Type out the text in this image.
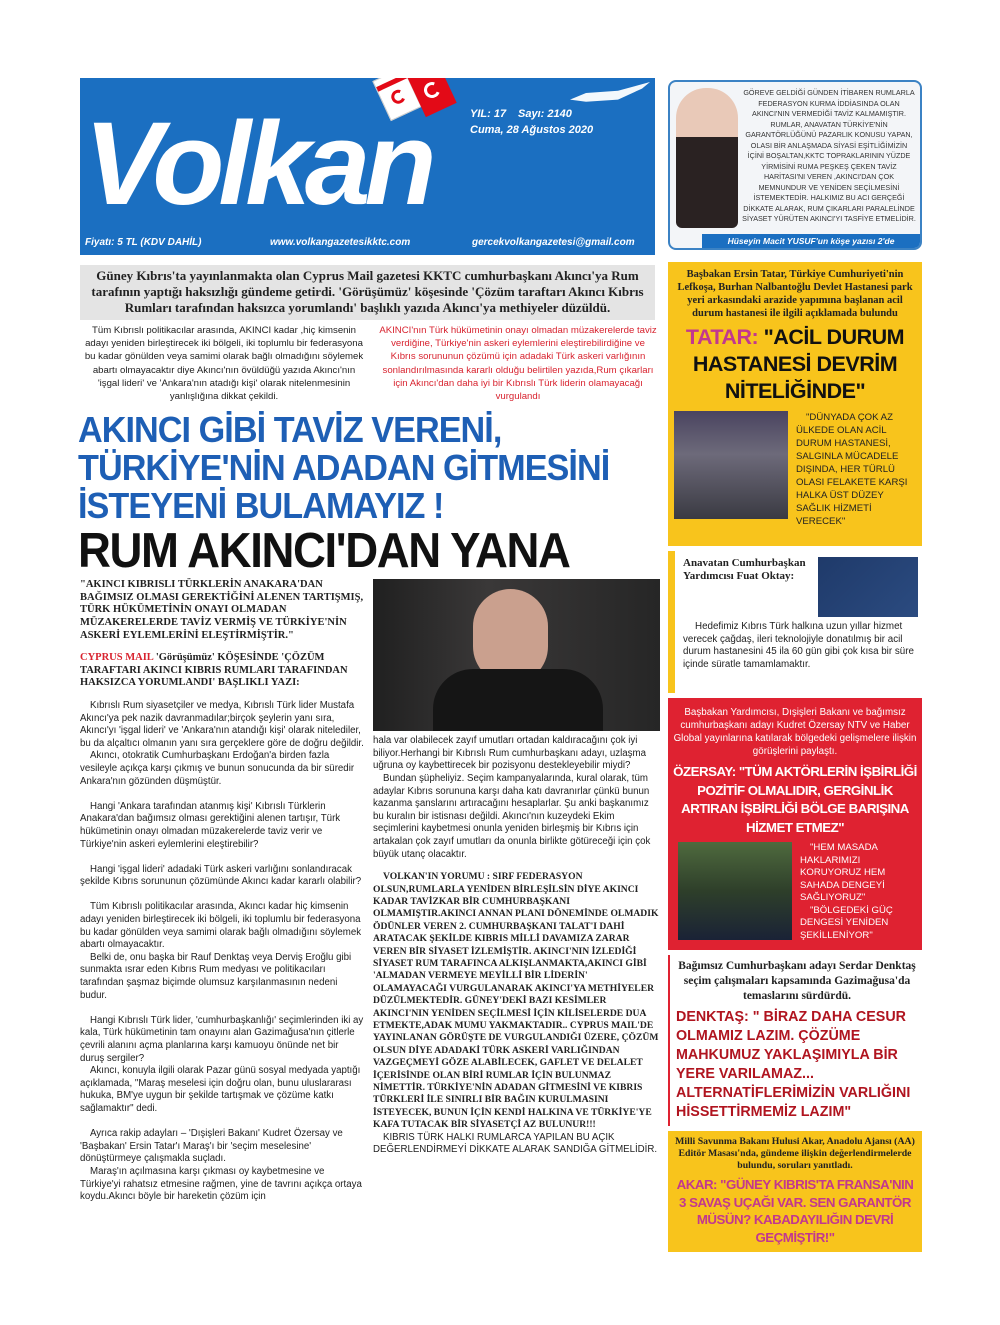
YIL: 17 Sayı: 2140
Cuma, 28 Ağustos 2020
Volkan
Fiyatı: 5 TL (KDV DAHİL)	www.volkangazetesikktc.com	gercekvolkangazetesi@gmail.com
GÖREVE GELDİĞİ GÜNDEN İTİBAREN RUMLARLA FEDERASYON KURMA İDDİASINDA OLAN AKINCI'NIN VERMEDİĞİ TAVİZ KALMAMIŞTIR. RUMLAR, ANAVATAN TÜRKİYE'NİN GARANTÖRLÜĞÜNÜ PAZARLIK KONUSU YAPAN, OLASI BİR ANLAŞMADA SİYASİ EŞİTLİĞİMİZİN İÇİNİ BOŞALTAN,KKTC TOPRAKLARININ YÜZDE YİRMİSİNİ RUMA PEŞKEŞ ÇEKEN TAVİZ HARİTASI'NI VEREN ,AKINCI'DAN ÇOK MEMNUNDUR VE YENİDEN SEÇİLMESİNİ İSTEMEKTEDİR. HALKIMIZ BU ACI GERÇEĞİ DİKKATE ALARAK, RUM ÇIKARLARI PARALELİNDE SİYASET YÜRÜTEN AKINCI'YI TASFİYE ETMELİDİR.
Hüseyin Macit YUSUF'un köşe yazısı 2'de
Güney Kıbrıs'ta yayınlanmakta olan Cyprus Mail gazetesi KKTC cumhurbaşkanı Akıncı'ya Rum tarafının yaptığı haksızlığı gündeme getirdi. 'Görüşümüz' köşesinde 'Çözüm taraftarı Akıncı Kıbrıs Rumları tarafından haksızca yorumlandı' başlıklı yazıda Akıncı'ya methiyeler düzüldü.
Tüm Kıbrıslı politikacılar arasında, AKINCI kadar ,hiç kimsenin adayı yeniden birleştirecek iki bölgeli, iki toplumlu bir federasyona bu kadar gönülden veya samimi olarak bağlı olmadığını söylemek abartı olmayacaktır diye Akıncı'nın övüldüğü yazıda Akıncı'nın 'işgal lideri' ve 'Ankara'nın atadığı kişi' olarak nitelenmesinin yanlışlığına dikkat çekildi.
AKINCI'nın Türk hükümetinin onayı olmadan müzakerelerde taviz verdiğine, Türkiye'nin askeri eylemlerini eleştirebilirdiğine ve Kıbrıs sorununun çözümü için adadaki Türk askeri varlığının sonlandırılmasında kararlı olduğu belirtilen yazıda,Rum çıkarları için Akıncı'dan daha iyi bir Kıbrıslı Türk liderin olamayacağı vurgulandı
AKINCI GİBİ TAVİZ VERENİ,
TÜRKİYE'NİN ADADAN GİTMESİNİ
İSTEYENİ BULAMAYIZ !
RUM AKINCI'DAN YANA
"AKINCI KIBRISLI TÜRKLERİN ANAKARA'DAN BAĞIMSIZ OLMASI GEREKTİĞİNİ ALENEN TARTIŞMIŞ, TÜRK HÜKÜMETİNİN ONAYI OLMADAN MÜZAKERELERDE TAVİZ VERMİŞ VE TÜRKİYE'NİN ASKERİ EYLEMLERİNİ ELEŞTİRMİŞTİR."
CYPRUS MAIL 'Görüşümüz' KÖŞESİNDE 'ÇÖZÜM TARAFTARI AKINCI KIBRIS RUMLARI TARAFINDAN HAKSIZCA YORUMLANDI' BAŞLIKLI YAZI:

Kıbrıslı Rum siyasetçiler ve medya, Kıbrıslı Türk lider Mustafa Akıncı'ya pek nazik davranmadılar;birçok şeylerin yanı sıra, Akıncı'yı 'işgal lideri' ve 'Ankara'nın atandığı kişi' olarak nitelediler, bu da alçaltıcı olmanın yanı sıra gerçeklere göre de doğru değildir.

Akıncı, otokratik Cumhurbaşkanı Erdoğan'a birden fazla vesileyle açıkça karşı çıkmış ve bunun sonucunda da bir süredir Ankara'nın gözünden düşmüştür.

Hangi 'Ankara tarafından atanmış kişi' Kıbrıslı Türklerin Anakara'dan bağımsız olması gerektiğini alenen tartışır, Türk hükümetinin onayı olmadan müzakerelerde taviz verir ve Türkiye'nin askeri eylemlerini eleştirebilir?

Hangi 'işgal lideri' adadaki Türk askeri varlığını sonlandıracak şekilde Kıbrıs sorununun çözümünde Akıncı kadar kararlı olabilir?

Tüm Kıbrıslı politikacılar arasında, Akıncı kadar hiç kimsenin adayı yeniden birleştirecek iki bölgeli, iki toplumlu bir federasyona bu kadar gönülden veya samimi olarak bağlı olmadığını söylemek abartı olmayacaktır.

Belki de, onu başka bir Rauf Denktaş veya Derviş Eroğlu gibi sunmakta ısrar eden Kıbrıs Rum medyası ve politikacıları tarafından şaşmaz biçimde olumsuz karşılanmasının nedeni budur.

Hangi Kıbrıslı Türk lider, 'cumhurbaşkanlığı' seçimlerinden iki ay kala, Türk hükümetinin tam onayını alan Gazimağusa'nın çitlerle çevrili alanını açma planlarına karşı kamuoyu önünde net bir duruş sergiler?

Akıncı, konuyla ilgili olarak Pazar günü sosyal medyada yaptığı açıklamada, "Maraş meselesi için doğru olan, bunu uluslararası hukuka, BM'ye uygun bir şekilde tartışmak ve çözüme katkı sağlamaktır" dedi.

Ayrıca rakip adayları – 'Dışişleri Bakanı' Kudret Özersay ve 'Başbakan' Ersin Tatar'ı Maraş'ı bir 'seçim meselesine' dönüştürmeye çalışmakla suçladı.

Maraş'ın açılmasına karşı çıkması oy kaybetmesine ve Türkiye'yi rahatsız etmesine rağmen, yine de tavrını açıkça ortaya koydu.Akıncı böyle bir hareketin çözüm için

hala var olabilecek zayıf umutları ortadan kaldıracağını çok iyi biliyor.Herhangi bir Kıbrıslı Rum cumhurbaşkanı adayı, uzlaşma uğruna oy kaybettirecek bir pozisyonu destekleyebilir miydi?

Bundan şüpheliyiz. Seçim kampanyalarında, kural olarak, tüm adaylar Kıbrıs sorununa karşı daha katı davranırlar çünkü bunun kazanma şanslarını artıracağını hesaplarlar. Şu anki başkanımız bu kuralın bir istisnası değildi. Akıncı'nın kuzeydeki Ekim seçimlerini kaybetmesi onunla yeniden birleşmiş bir Kıbrıs için artakalan çok zayıf umutları da onunla birlikte götüreceği için çok büyük utanç olacaktır.

VOLKAN'IN YORUMU : SIRF FEDERASYON OLSUN,RUMLARLA YENİDEN BİRLEŞİLSİN DİYE AKINCI KADAR TAVİZKAR BİR CUMHURBAŞKANI OLMAMIŞTIR.AKINCI ANNAN PLANI DÖNEMİNDE OLMADIK ÖDÜNLER VEREN 2. CUMHURBAŞKANI TALAT'I DAHİ ARATACAK ŞEKİLDE KIBRIS MİLLİ DAVAMIZA ZARAR VEREN BİR SİYASET İZLEMİŞTİR. AKINCI'NIN İZLEDİĞİ SİYASET RUM TARAFINCA ALKIŞLANMAKTA,AKINCI GİBİ 'ALMADAN VERMEYE MEYİLLİ BİR LİDERİN' OLAMAYACAĞI VURGULANARAK AKINCI'YA METHİYELER DÜZÜLMEKTEDİR. GÜNEY'DEKİ BAZI KESİMLER AKINCI'NIN YENİDEN SEÇİLMESİ İÇİN KİLİSELERDE DUA ETMEKTE,ADAK MUMU YAKMAKTADIR.. CYPRUS MAIL'DE YAYINLANAN GÖRÜŞTE DE VURGULANDIĞI ÜZERE, ÇÖZÜM OLSUN DİYE ADADAKİ TÜRK ASKERİ VARLIĞINDAN VAZGEÇMEYİ GÖZE ALABİLECEK, GAFLET VE DELALET İÇERİSİNDE OLAN BİRİ RUMLAR İÇİN BULUNMAZ NİMETTİR. TÜRKİYE'NİN ADADAN GİTMESİNİ VE KIBRIS TÜRKLERİ İLE SINIRLI BİR BAĞIN KURULMASINI İSTEYECEK, BUNUN İÇİN KENDİ HALKINA VE TÜRKİYE'YE KAFA TUTACAK BİR SİYASETÇİ AZ BULUNUR!!!

KIBRIS TÜRK HALKI RUMLARCA YAPILAN BU AÇIK DEĞERLENDİRMEYİ DİKKATE ALARAK SANDIĞA GİTMELİDİR.

Başbakan Ersin Tatar, Türkiye Cumhuriyeti'nin Lefkoşa, Burhan Nalbantoğlu Devlet Hastanesi park yeri arkasındaki arazide yapımına başlanan acil durum hastanesi ile ilgili açıklamada bulundu
TATAR: "ACİL DURUM HASTANESİ DEVRİM NİTELİĞİNDE"
"DÜNYADA ÇOK AZ ÜLKEDE OLAN ACİL DURUM HASTANESİ, SALGINLA MÜCADELE DIŞINDA, HER TÜRLÜ OLASI FELAKETE KARŞI HALKA ÜST DÜZEY SAĞLIK HİZMETİ VERECEK"
Anavatan Cumhurbaşkan Yardımcısı Fuat Oktay:
Hedefimiz Kıbrıs Türk halkına uzun yıllar hizmet verecek çağdaş, ileri teknolojiyle donatılmış bir acil durum hastanesini 45 ila 60 gün gibi çok kısa bir süre içinde süratle tamamlamaktır.
Başbakan Yardımcısı, Dışişleri Bakanı ve bağımsız cumhurbaşkanı adayı Kudret Özersay NTV ve Haber Global yayınlarına katılarak bölgedeki gelişmelere ilişkin görüşlerini paylaştı.
ÖZERSAY: "TÜM AKTÖRLERİN İŞBİRLİĞİ POZİTİF OLMALIDIR, GERGİNLİK ARTIRAN İŞBİRLİĞİ BÖLGE BARIŞINA HİZMET ETMEZ"

"HEM MASADA HAKLARIMIZI KORUYORUZ HEM SAHADA DENGEYİ SAĞLIYORUZ"

"BÖLGEDEKİ GÜÇ DENGESİ YENİDEN ŞEKİLLENİYOR"

Bağımsız Cumhurbaşkanı adayı Serdar Denktaş seçim çalışmaları kapsamında Gazimağusa'da temaslarını sürdürdü.
DENKTAŞ: " BİRAZ DAHA CESUR OLMAMIZ LAZIM. ÇÖZÜME MAHKUMUZ YAKLAŞIMIYLA BİR YERE VARILAMAZ... ALTERNATİFLERİMİZİN VARLIĞINI HİSSETTİRMEMİZ LAZIM"
Milli Savunma Bakanı Hulusi Akar, Anadolu Ajansı (AA) Editör Masası'nda, gündeme ilişkin değerlendirmelerde bulundu, soruları yanıtladı.
AKAR: "GÜNEY KIBRIS'TA FRANSA'NIN 3 SAVAŞ UÇAĞI VAR. SEN GARANTÖR MÜSÜN? KABADAYILIĞIN DEVRİ GEÇMİŞTİR!"
